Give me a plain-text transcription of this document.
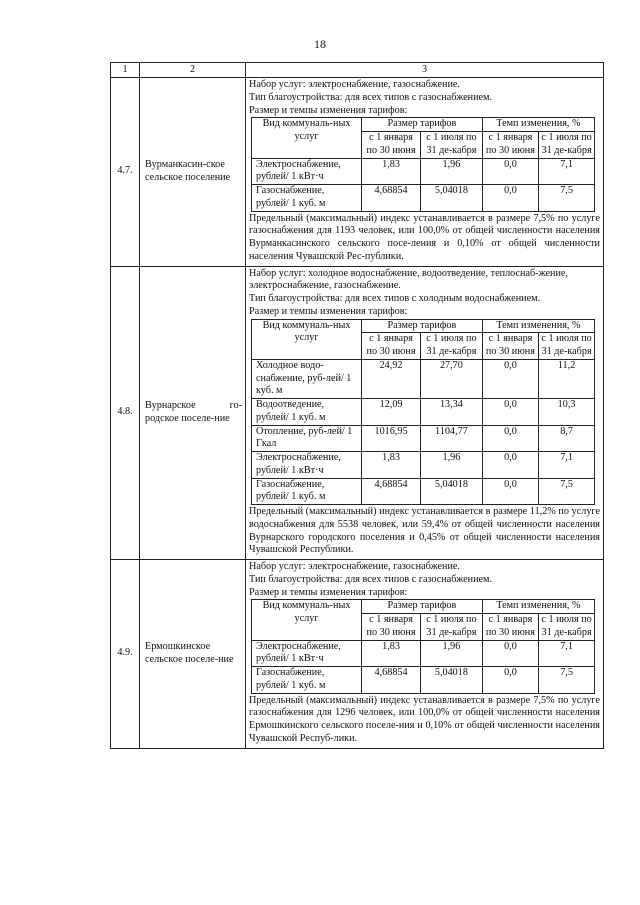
18
1	2	3
4.7.	Вурманкасин-ское сельское поселение	
Набор услуг: электроснабжение, газоснабжение.
Тип благоустройства: для всех типов с газоснабжением.
Размер и темпы изменения тарифов:
Вид коммуналь-ных услуг	Размер тарифов	Темп изменения, %
с 1 января по 30 июня	с 1 июля по 31 де-кабря	с 1 января по 30 июня	с 1 июля по 31 де-кабря
Электроснабжение, рублей/ 1 кВт·ч	1,83	1,96	0,0	7,1
Газоснабжение, рублей/ 1 куб. м	4,68854	5,04018	0,0	7,5
Предельный (максимальный) индекс устанавливается в размере 7,5% по услуге газоснабжения для 1193 человек, или 100,0% от общей численности населения Вурманкасинского сельского посе-ления и 0,10% от общей численности населения Чувашской Рес-публики.

4.8.	Вурнарское го-родское поселе-ние	
Набор услуг: холодное водоснабжение, водоотведение, теплоснаб-жение, электроснабжение, газоснабжение.
Тип благоустройства: для всех типов с холодным водоснабжением.
Размер и темпы изменения тарифов:
Вид коммуналь-ных услуг	Размер тарифов	Темп изменения, %
с 1 января по 30 июня	с 1 июля по 31 де-кабря	с 1 января по 30 июня	с 1 июля по 31 де-кабря
Холодное водо-снабжение, руб-лей/ 1 куб. м	24,92	27,70	0,0	11,2
Водоотведение, рублей/ 1 куб. м	12,09	13,34	0,0	10,3
Отопление, руб-лей/ 1 Гкал	1016,95	1104,77	0,0	8,7
Электроснабжение, рублей/ 1 кВт·ч	1,83	1,96	0,0	7,1
Газоснабжение, рублей/ 1 куб. м	4,68854	5,04018	0,0	7,5
Предельный (максимальный) индекс устанавливается в размере 11,2% по услуге водоснабжения для 5538 человек, или 59,4% от общей численности населения Вурнарского городского поселения и 0,45% от общей численности населения Чувашской Республики.

4.9.	Ермошкинское сельское поселе-ние	
Набор услуг: электроснабжение, газоснабжение.
Тип благоустройства: для всех типов с газоснабжением.
Размер и темпы изменения тарифов:
Вид коммуналь-ных услуг	Размер тарифов	Темп изменения, %
с 1 января по 30 июня	с 1 июля по 31 де-кабря	с 1 января по 30 июня	с 1 июля по 31 де-кабря
Электроснабжение, рублей/ 1 кВт·ч	1,83	1,96	0,0	7,1
Газоснабжение, рублей/ 1 куб. м	4,68854	5,04018	0,0	7,5
Предельный (максимальный) индекс устанавливается в размере 7,5% по услуге газоснабжения для 1296 человек, или 100,0% от общей численности населения Ермошкинского сельского поселе-ния и 0,10% от общей численности населения Чувашской Респуб-лики.
